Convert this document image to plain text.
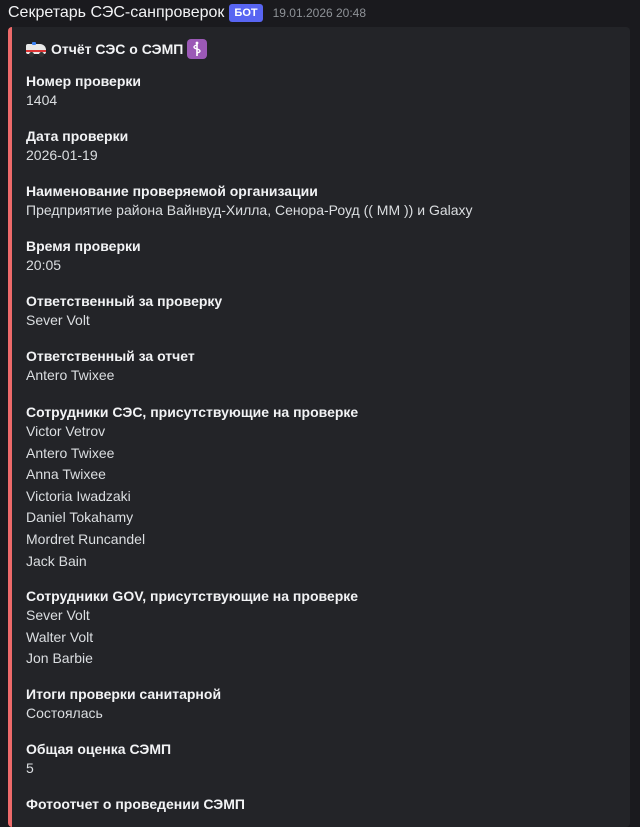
Секретарь СЭС-санпроверок БОТ	19.01.2026 20:48
Отчёт СЭС о СЭМП
Номер проверки
1404
Дата проверки
2026-01-19
Наименование проверяемой организации
Предприятие района Вайнвуд-Хилла, Сенора-Роуд (( ММ )) и Galaxy
Время проверки
20:05
Ответственный за проверку
Sever Volt
Ответственный за отчет
Antero Twixee
Сотрудники СЭС, присутствующие на проверке
Victor Vetrov
Antero Twixee
Anna Twixee
Victoria Iwadzaki
Daniel Tokahamy
Mordret Runcandel
Jack Bain
Сотрудники GOV, присутствующие на проверке
Sever Volt
Walter Volt
Jon Barbie
Итоги проверки санитарной
Состоялась
Общая оценка СЭМП
5
Фотоотчет о проведении СЭМП
